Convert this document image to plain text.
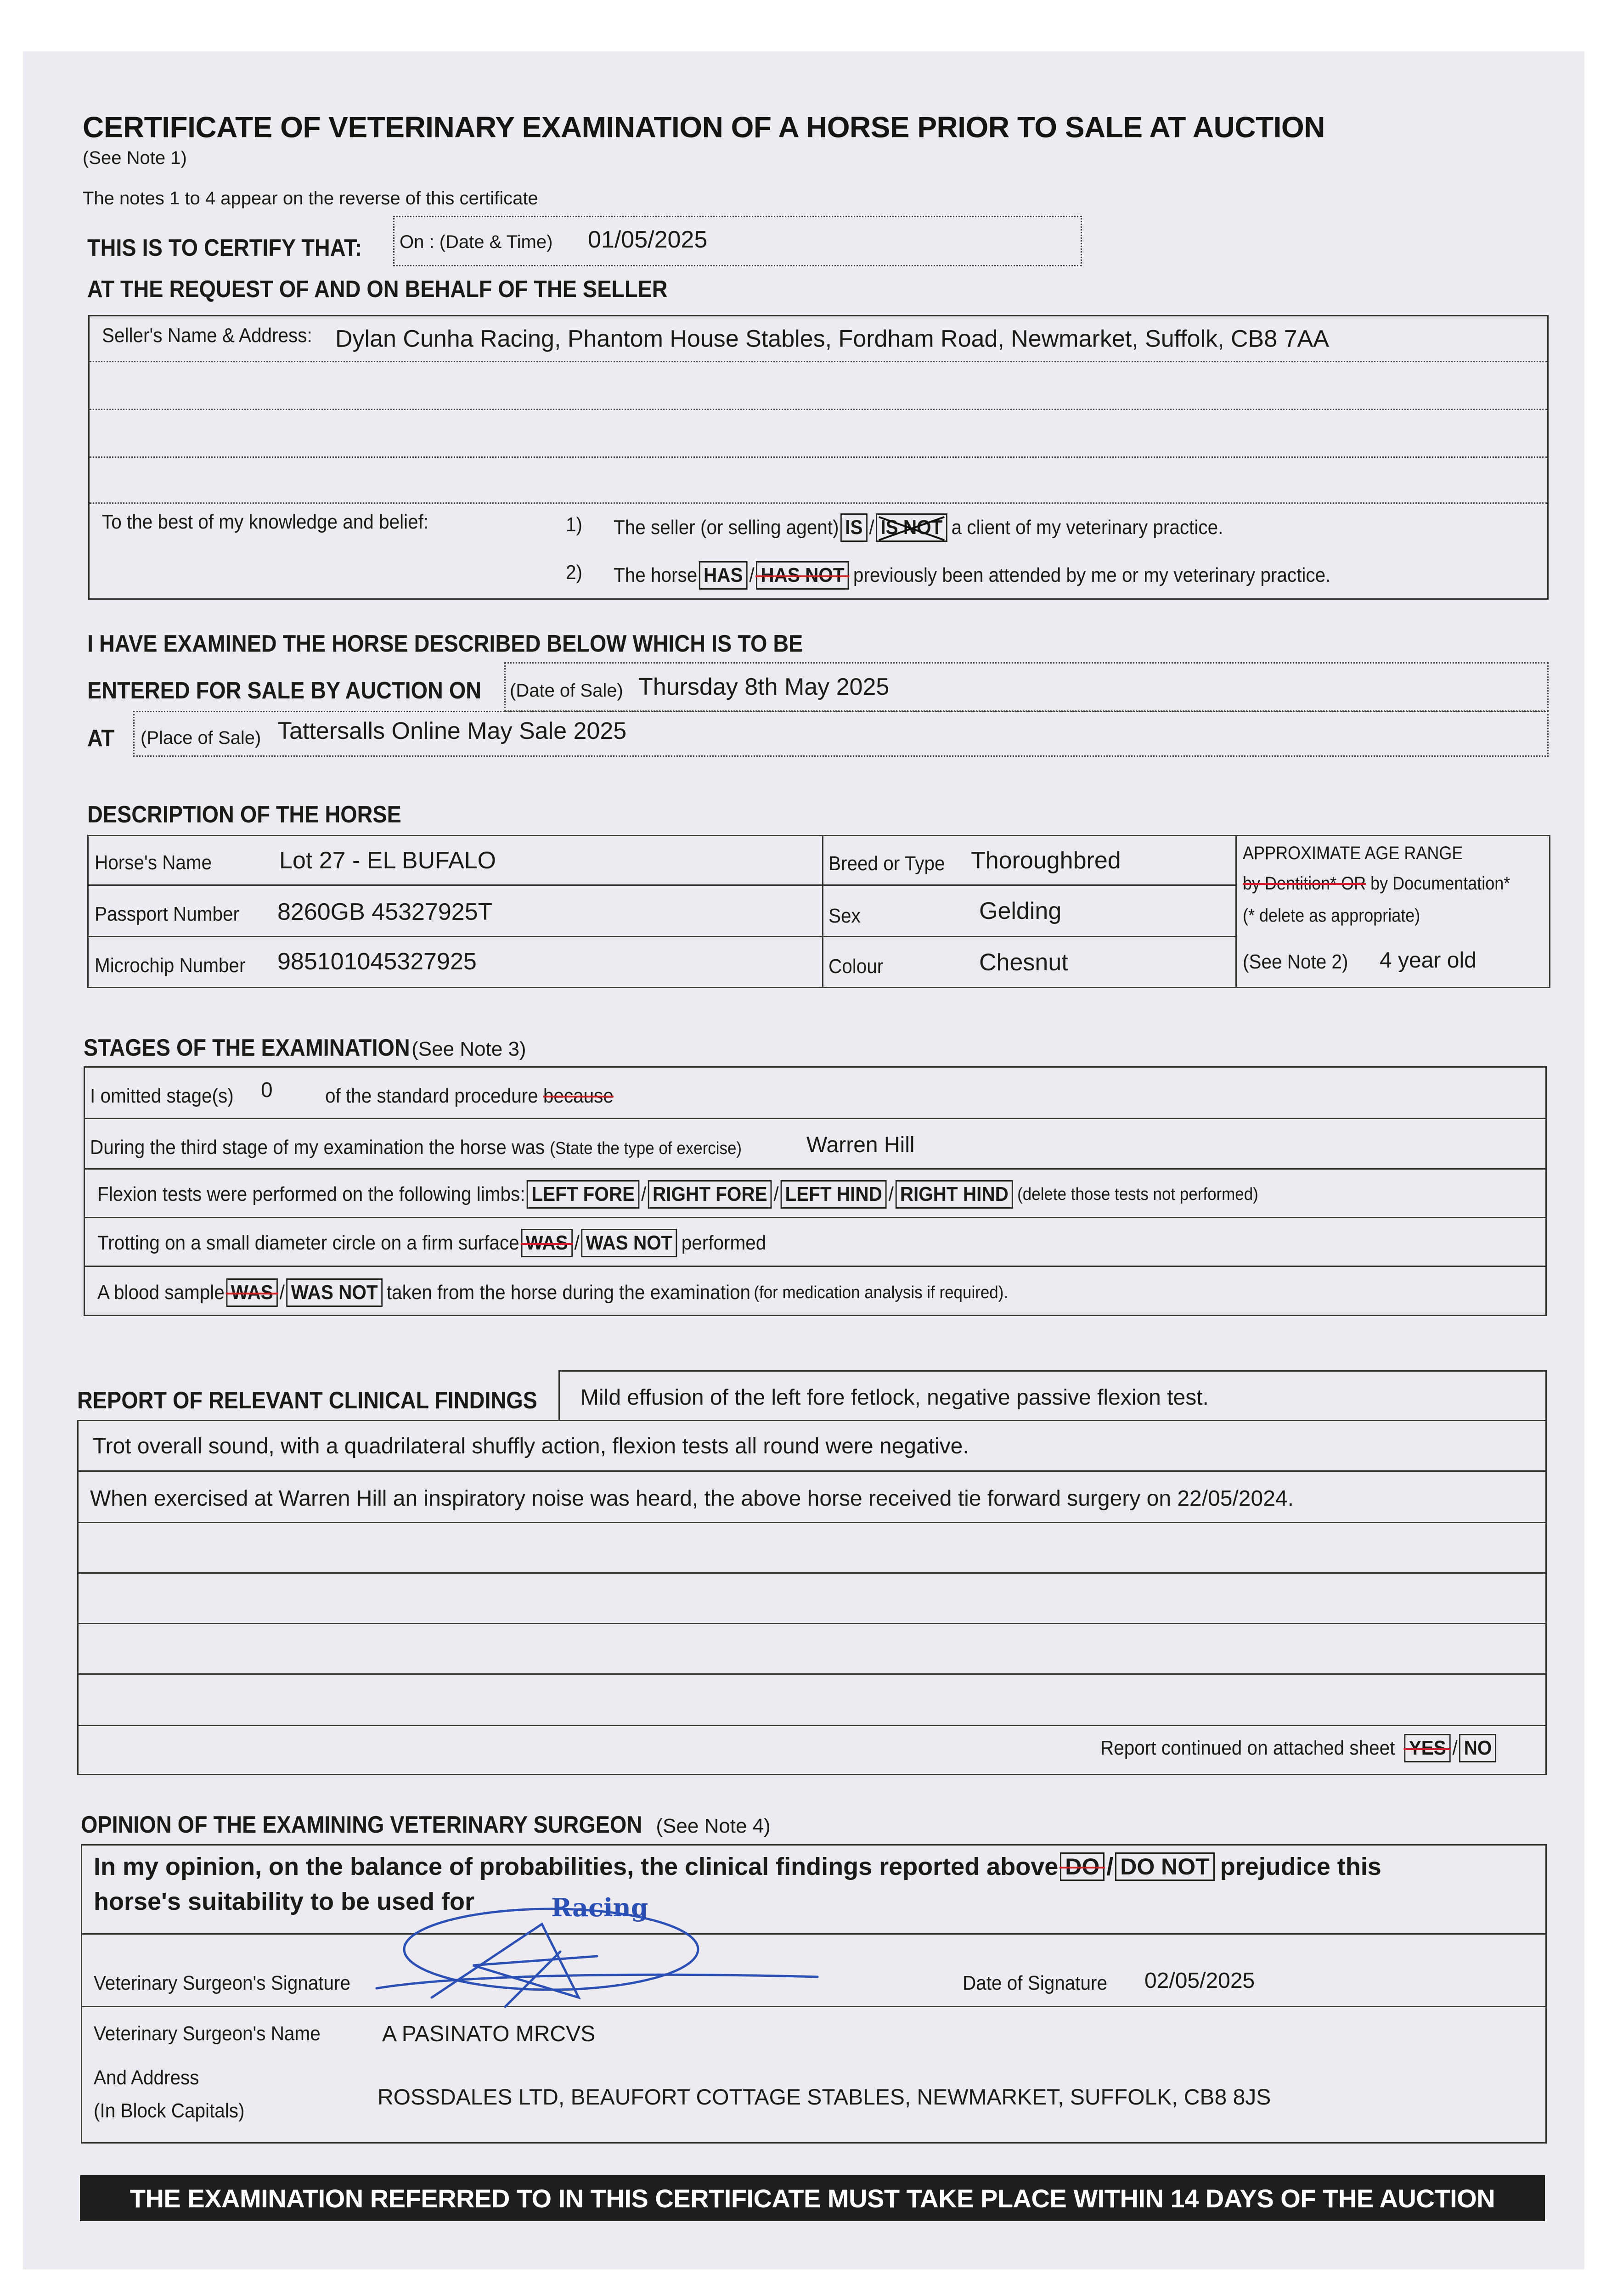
CERTIFICATE OF VETERINARY EXAMINATION OF A HORSE PRIOR TO SALE AT AUCTION
(See Note 1)
The notes 1 to 4 appear on the reverse of this certificate
THIS IS TO CERTIFY THAT: On : (Date & Time) 01/05/2025
AT THE REQUEST OF AND ON BEHALF OF THE SELLER
Seller's Name & Address: Dylan Cunha Racing, Phantom House Stables, Fordham Road, Newmarket, Suffolk, CB8 7AA
To the best of my knowledge and belief:	1) The seller (or selling agent) IS / IS NOT a client of my veterinary practice.
2) The horse HAS / HAS NOT previously been attended by me or my veterinary practice.
I HAVE EXAMINED THE HORSE DESCRIBED BELOW WHICH IS TO BE
ENTERED FOR SALE BY AUCTION ON (Date of Sale) Thursday 8th May 2025
AT (Place of Sale) Tattersalls Online May Sale 2025
DESCRIPTION OF THE HORSE
Horse's Name	Lot 27 - EL BUFALO
Passport Number 8260GB 45327925T
Microchip Number 985101045327925
Breed or Type Thoroughbred
Sex	Gelding
Colour	Chesnut
APPROXIMATE AGE RANGE
by Dentition* OR by Documentation*
(* delete as appropriate)
(See Note 2) 4 year old
STAGES OF THE EXAMINATION (See Note 3)
I omitted stage(s) 0	of the standard procedure because
During the third stage of my examination the horse was (State the type of exercise)	Warren Hill
Flexion tests were performed on the following limbs: LEFT FORE / RIGHT FORE / LEFT HIND / RIGHT HIND (delete those tests not performed)
Trotting on a small diameter circle on a firm surface WAS / WAS NOT performed
A blood sample WAS / WAS NOT taken from the horse during the examination (for medication analysis if required).
REPORT OF RELEVANT CLINICAL FINDINGS Mild effusion of the left fore fetlock, negative passive flexion test.
Trot overall sound, with a quadrilateral shuffly action, flexion tests all round were negative.
When exercised at Warren Hill an inspiratory noise was heard, the above horse received tie forward surgery on 22/05/2024.
Report continued on attached sheet YES / NO
OPINION OF THE EXAMINING VETERINARY SURGEON (See Note 4)
In my opinion, on the balance of probabilities, the clinical findings reported above DO / DO NOT prejudice this
horse's suitability to be used for	Racing
Veterinary Surgeon's Signature	Date of Signature 02/05/2025
Veterinary Surgeon's Name	A PASINATO MRCVS
And Address
(In Block Capitals)
ROSSDALES LTD, BEAUFORT COTTAGE STABLES, NEWMARKET, SUFFOLK, CB8 8JS
THE EXAMINATION REFERRED TO IN THIS CERTIFICATE MUST TAKE PLACE WITHIN 14 DAYS OF THE AUCTION
